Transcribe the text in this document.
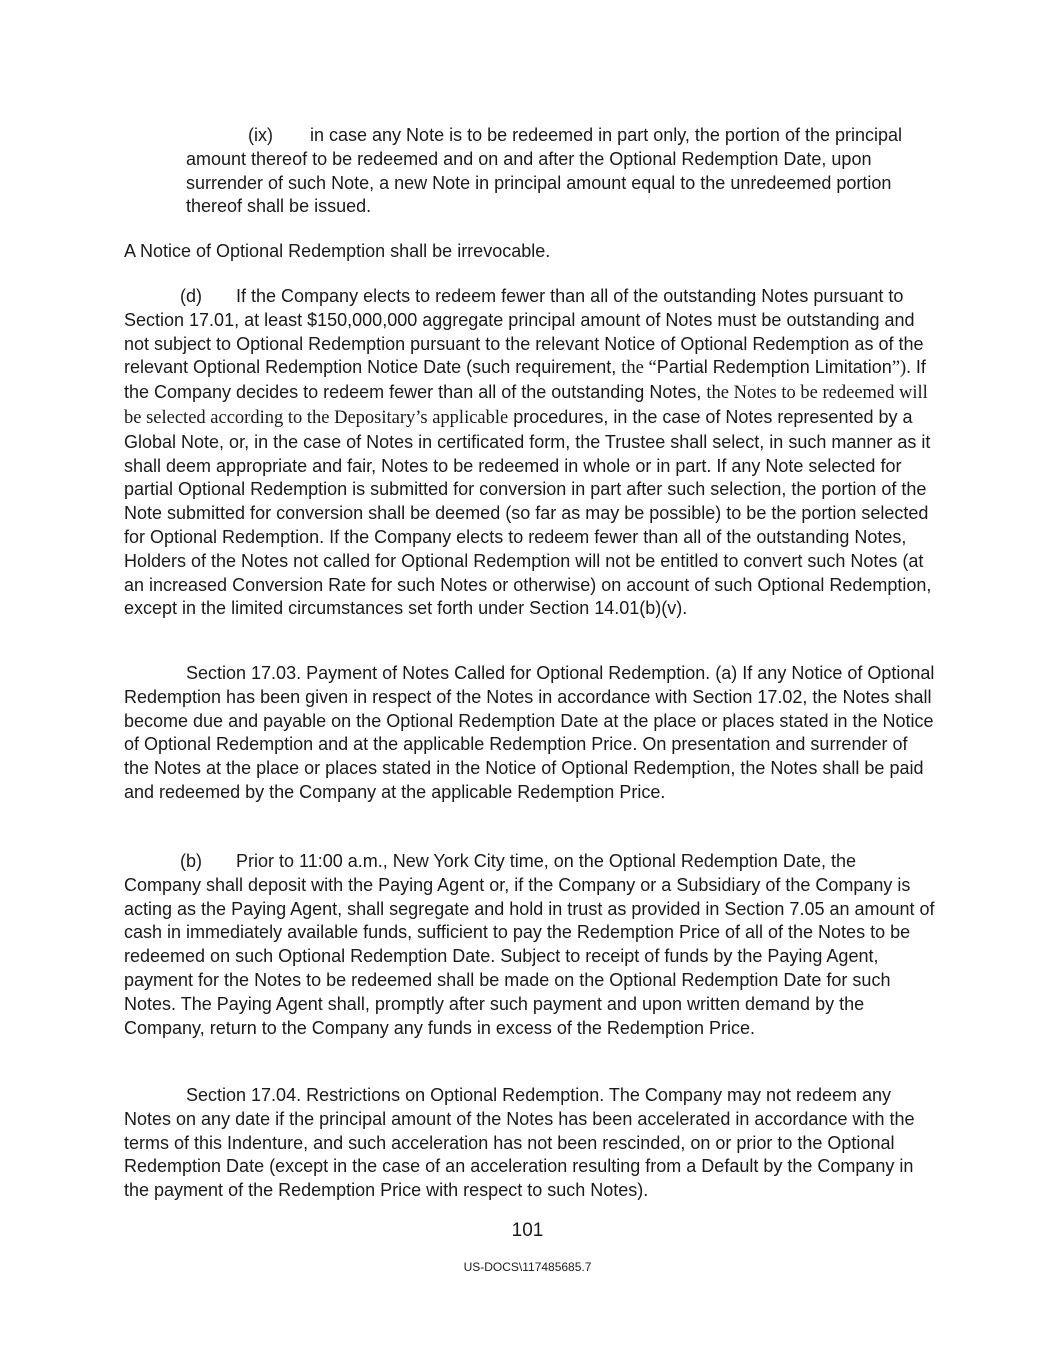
(ix) in case any Note is to be redeemed in part only, the portion of the principal amount thereof to be redeemed and on and after the Optional Redemption Date, upon surrender of such Note, a new Note in principal amount equal to the unredeemed portion thereof shall be issued.

A Notice of Optional Redemption shall be irrevocable.

(d) If the Company elects to redeem fewer than all of the outstanding Notes pursuant to Section 17.01, at least $150,000,000 aggregate principal amount of Notes must be outstanding and not subject to Optional Redemption pursuant to the relevant Notice of Optional Redemption as of the relevant Optional Redemption Notice Date (such requirement, the “Partial Redemption Limitation”). If the Company decides to redeem fewer than all of the outstanding Notes, the Notes to be redeemed will be selected according to the Depositary’s applicable procedures, in the case of Notes represented by a Global Note, or, in the case of Notes in certificated form, the Trustee shall select, in such manner as it shall deem appropriate and fair, Notes to be redeemed in whole or in part. If any Note selected for partial Optional Redemption is submitted for conversion in part after such selection, the portion of the Note submitted for conversion shall be deemed (so far as may be possible) to be the portion selected for Optional Redemption. If the Company elects to redeem fewer than all of the outstanding Notes, Holders of the Notes not called for Optional Redemption will not be entitled to convert such Notes (at an increased Conversion Rate for such Notes or otherwise) on account of such Optional Redemption, except in the limited circumstances set forth under Section 14.01(b)(v).

Section 17.03. Payment of Notes Called for Optional Redemption. (a) If any Notice of Optional Redemption has been given in respect of the Notes in accordance with Section 17.02, the Notes shall become due and payable on the Optional Redemption Date at the place or places stated in the Notice of Optional Redemption and at the applicable Redemption Price. On presentation and surrender of the Notes at the place or places stated in the Notice of Optional Redemption, the Notes shall be paid and redeemed by the Company at the applicable Redemption Price.

(b) Prior to 11:00 a.m., New York City time, on the Optional Redemption Date, the Company shall deposit with the Paying Agent or, if the Company or a Subsidiary of the Company is acting as the Paying Agent, shall segregate and hold in trust as provided in Section 7.05 an amount of cash in immediately available funds, sufficient to pay the Redemption Price of all of the Notes to be redeemed on such Optional Redemption Date. Subject to receipt of funds by the Paying Agent, payment for the Notes to be redeemed shall be made on the Optional Redemption Date for such Notes. The Paying Agent shall, promptly after such payment and upon written demand by the Company, return to the Company any funds in excess of the Redemption Price.

Section 17.04. Restrictions on Optional Redemption. The Company may not redeem any Notes on any date if the principal amount of the Notes has been accelerated in accordance with the terms of this Indenture, and such acceleration has not been rescinded, on or prior to the Optional Redemption Date (except in the case of an acceleration resulting from a Default by the Company in the payment of the Redemption Price with respect to such Notes).

101
US-DOCS\117485685.7
